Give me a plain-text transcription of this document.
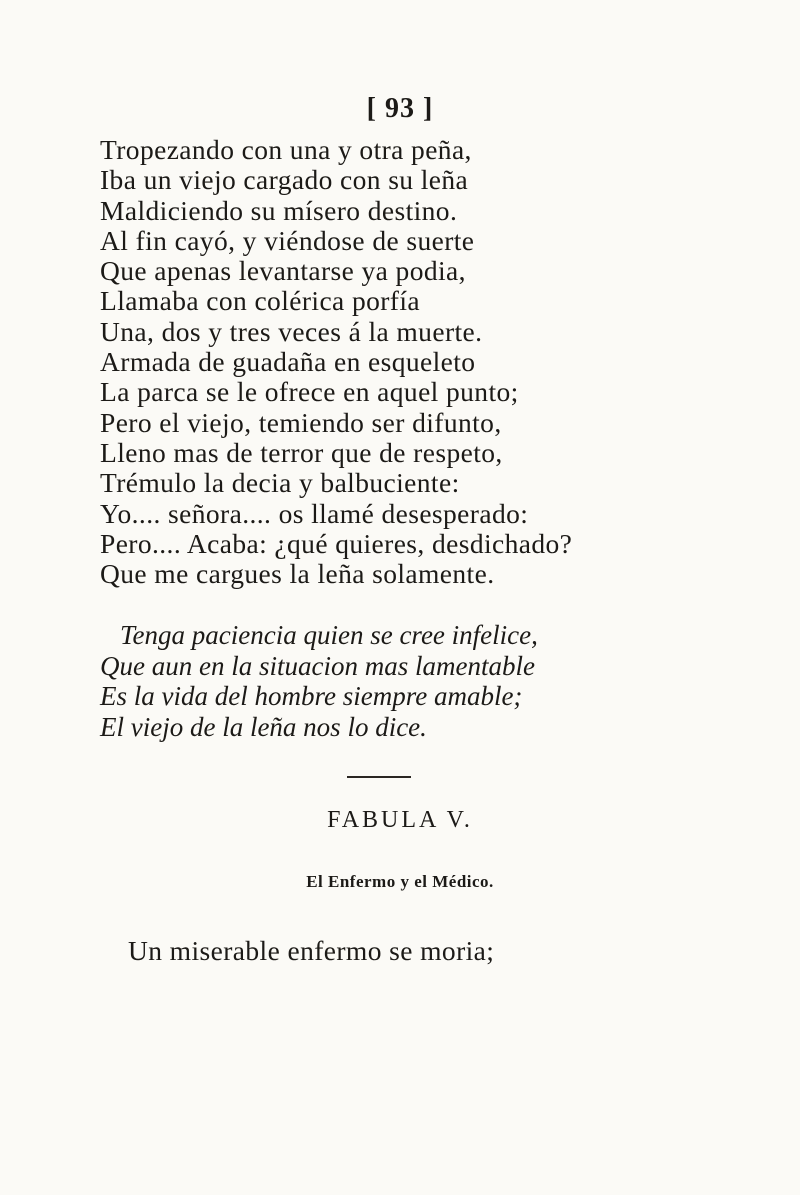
[ 93 ]
Tropezando con una y otra peña,
Iba un viejo cargado con su leña
Maldiciendo su mísero destino.
Al fin cayó, y viéndose de suerte
Que apenas levantarse ya podia,
Llamaba con colérica porfía
Una, dos y tres veces á la muerte.
Armada de guadaña en esqueleto
La parca se le ofrece en aquel punto;
Pero el viejo, temiendo ser difunto,
Lleno mas de terror que de respeto,
Trémulo la decia y balbuciente:
Yo.... señora.... os llamé desesperado:
Pero.... Acaba: ¿qué quieres, desdichado?
Que me cargues la leña solamente.
Tenga paciencia quien se cree infelice,
Que aun en la situacion mas lamentable
Es la vida del hombre siempre amable;
El viejo de la leña nos lo dice.
FABULA V.
El Enfermo y el Médico.
Un miserable enfermo se moria;
